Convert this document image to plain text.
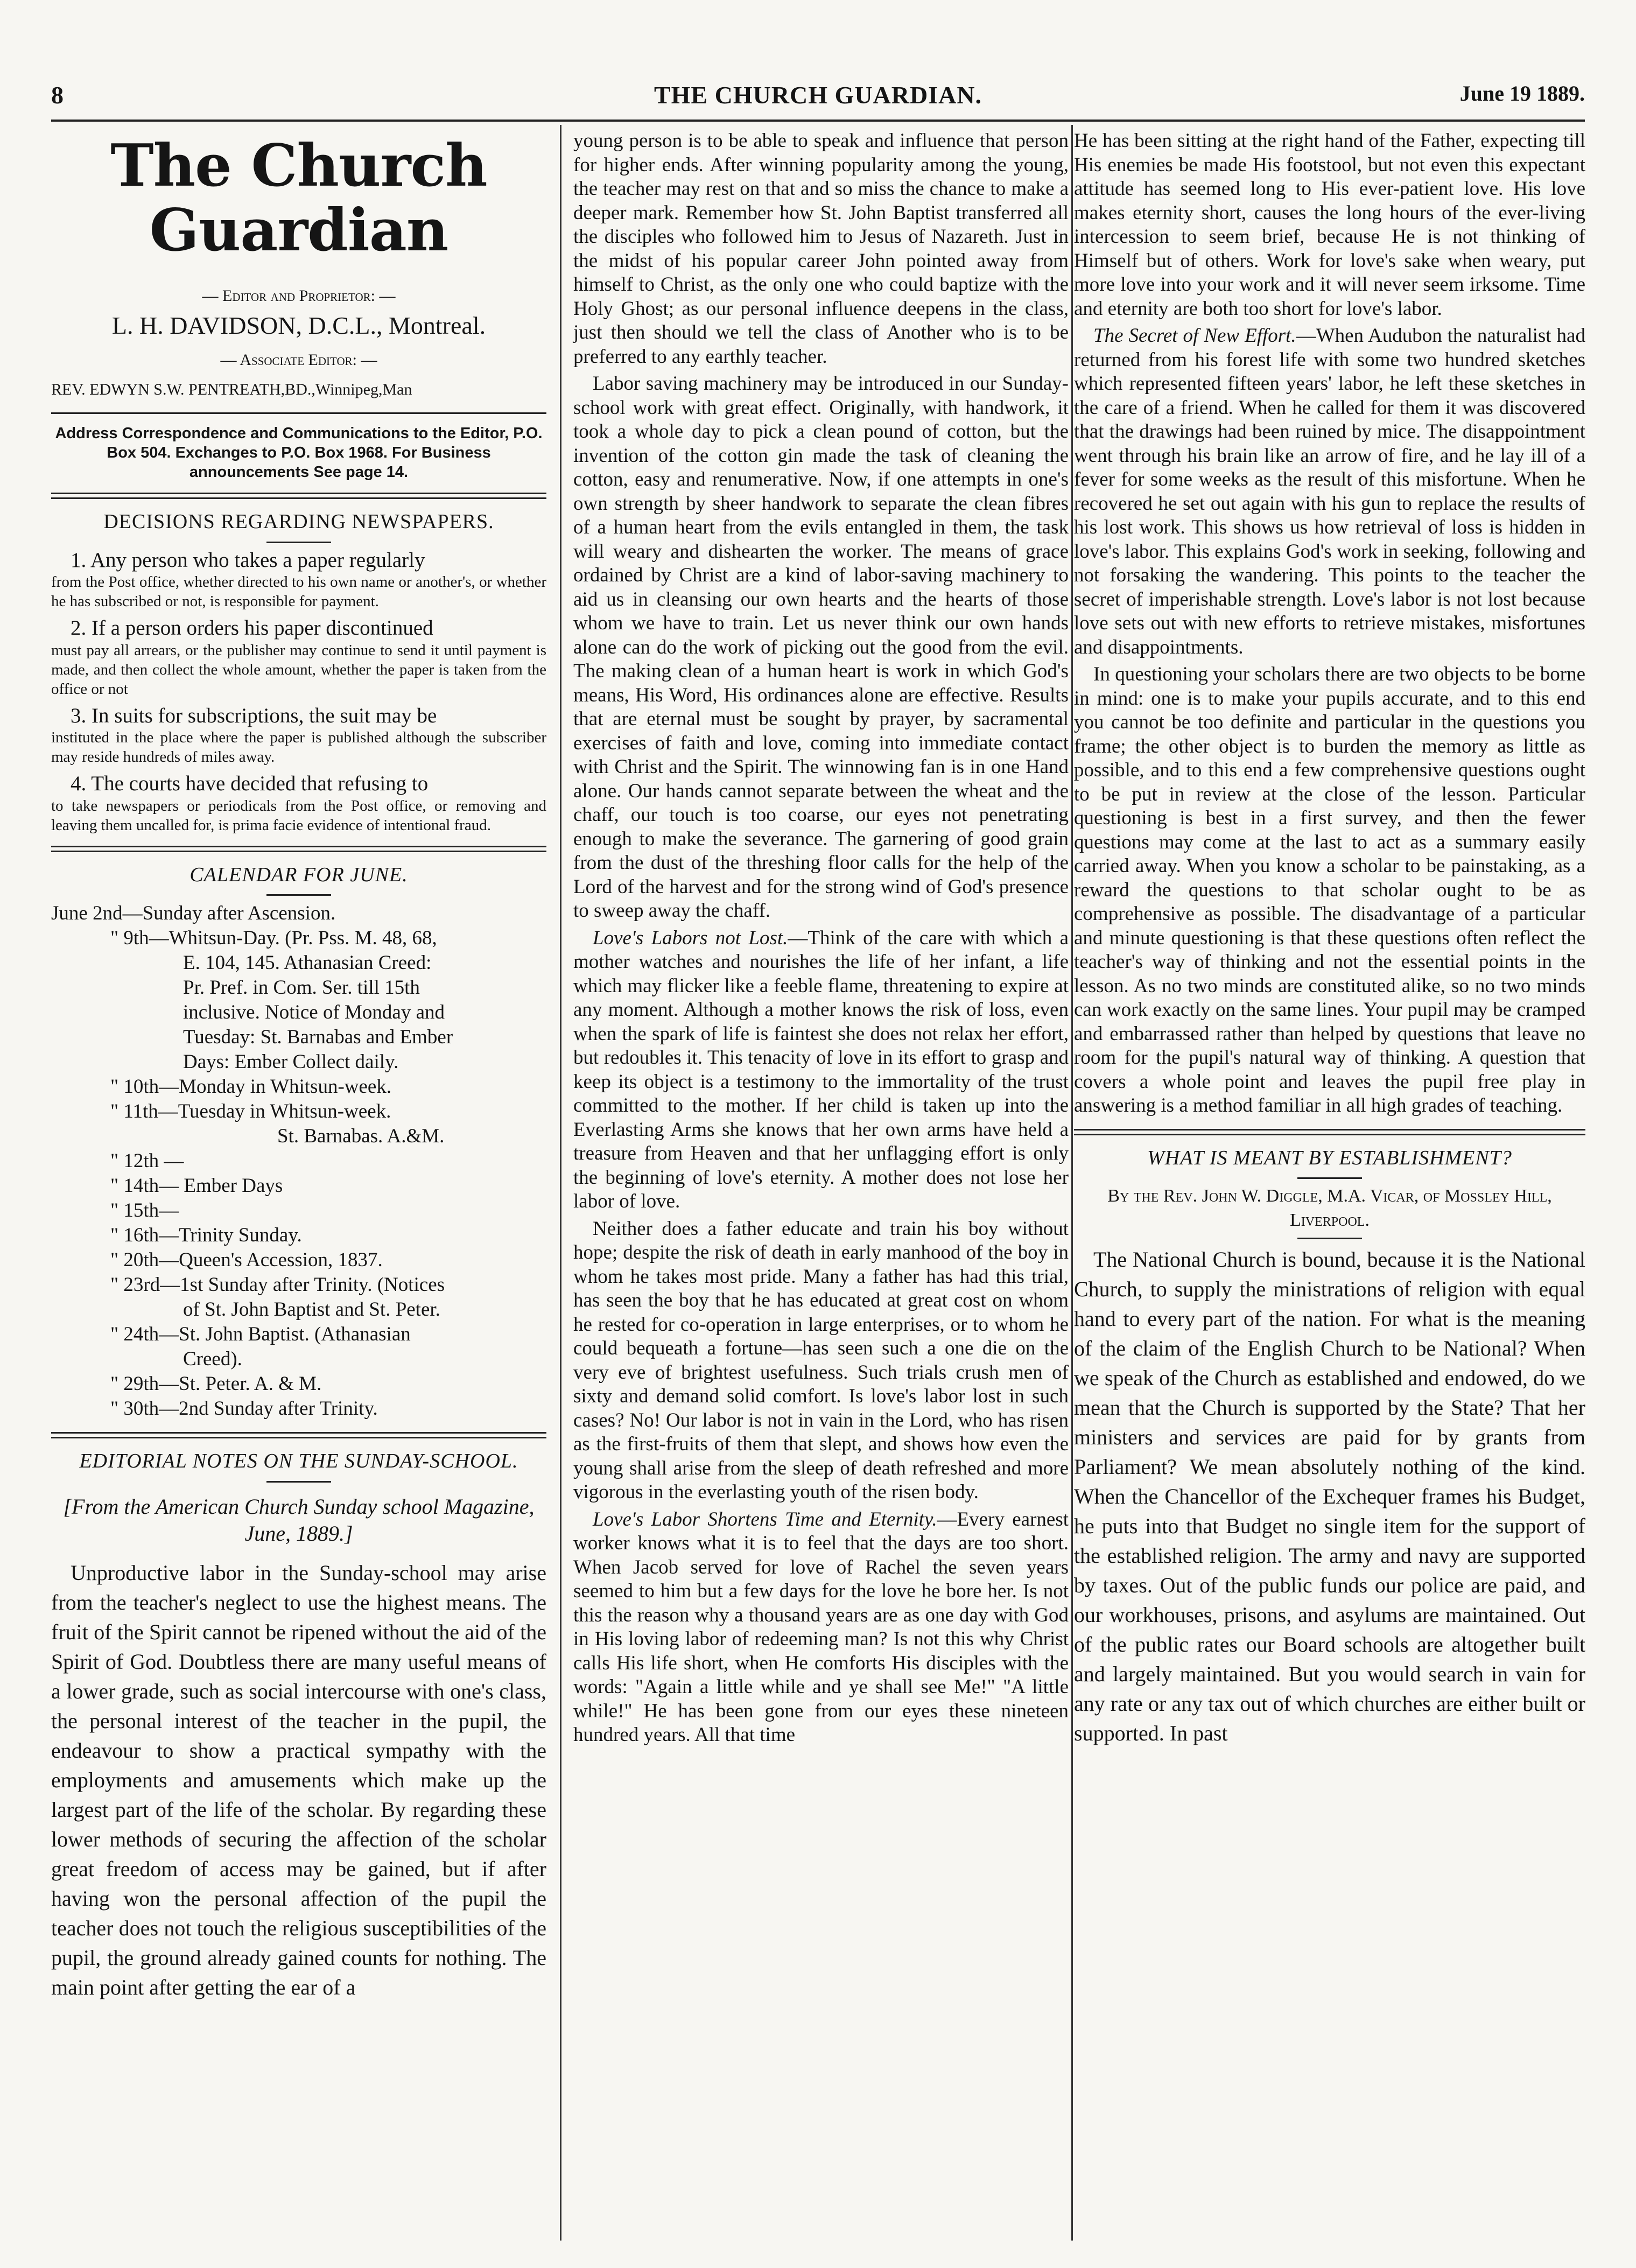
8	THE CHURCH GUARDIAN.	June 19 1889.
The Church Guardian
— Editor and Proprietor: —
L. H. DAVIDSON, D.C.L., Montreal.
— Associate Editor: —
REV. EDWYN S.W. PENTREATH,BD.,Winnipeg,Man
Address Correspondence and Communications to the Editor, P.O. Box 504. Exchanges to P.O. Box 1968. For Business announcements See page 14.
DECISIONS REGARDING NEWSPAPERS.

1. Any person who takes a paper regularly

from the Post office, whether directed to his own name or another's, or whether he has subscribed or not, is responsible for payment.

2. If a person orders his paper discontinued

must pay all arrears, or the publisher may continue to send it until payment is made, and then collect the whole amount, whether the paper is taken from the office or not

3. In suits for subscriptions, the suit may be

instituted in the place where the paper is published although the subscriber may reside hundreds of miles away.

4. The courts have decided that refusing to

to take newspapers or periodicals from the Post office, or removing and leaving them uncalled for, is prima facie evidence of intentional fraud.

CALENDAR FOR JUNE.

June 2nd—Sunday after Ascension.

" 9th—Whitsun-Day. (Pr. Pss. M. 48, 68,

E. 104, 145. Athanasian Creed:

Pr. Pref. in Com. Ser. till 15th

inclusive. Notice of Monday and

Tuesday: St. Barnabas and Ember

Days: Ember Collect daily.

" 10th—Monday in Whitsun-week.

" 11th—Tuesday in Whitsun-week.

St. Barnabas. A.&M.

" 12th —

" 14th— Ember Days

" 15th—

" 16th—Trinity Sunday.

" 20th—Queen's Accession, 1837.

" 23rd—1st Sunday after Trinity. (Notices

of St. John Baptist and St. Peter.

" 24th—St. John Baptist. (Athanasian

Creed).

" 29th—St. Peter. A. & M.

" 30th—2nd Sunday after Trinity.

EDITORIAL NOTES ON THE SUNDAY-SCHOOL.

[From the American Church Sunday school Magazine, June, 1889.]

Unproductive labor in the Sunday-school may arise from the teacher's neglect to use the highest means. The fruit of the Spirit cannot be ripened without the aid of the Spirit of God. Doubtless there are many useful means of a lower grade, such as social intercourse with one's class, the personal interest of the teacher in the pupil, the endeavour to show a practical sympathy with the employments and amusements which make up the largest part of the life of the scholar. By regarding these lower methods of securing the affection of the scholar great freedom of access may be gained, but if after having won the personal affection of the pupil the teacher does not touch the religious susceptibilities of the pupil, the ground already gained counts for nothing. The main point after getting the ear of a

young person is to be able to speak and influence that person for higher ends. After winning popularity among the young, the teacher may rest on that and so miss the chance to make a deeper mark. Remember how St. John Baptist transferred all the disciples who followed him to Jesus of Nazareth. Just in the midst of his popular career John pointed away from himself to Christ, as the only one who could baptize with the Holy Ghost; as our personal influence deepens in the class, just then should we tell the class of Another who is to be preferred to any earthly teacher.

Labor saving machinery may be introduced in our Sunday-school work with great effect. Originally, with handwork, it took a whole day to pick a clean pound of cotton, but the invention of the cotton gin made the task of cleaning the cotton, easy and renumerative. Now, if one attempts in one's own strength by sheer handwork to separate the clean fibres of a human heart from the evils entangled in them, the task will weary and dishearten the worker. The means of grace ordained by Christ are a kind of labor-saving machinery to aid us in cleansing our own hearts and the hearts of those whom we have to train. Let us never think our own hands alone can do the work of picking out the good from the evil. The making clean of a human heart is work in which God's means, His Word, His ordinances alone are effective. Results that are eternal must be sought by prayer, by sacramental exercises of faith and love, coming into immediate contact with Christ and the Spirit. The winnowing fan is in one Hand alone. Our hands cannot separate between the wheat and the chaff, our touch is too coarse, our eyes not penetrating enough to make the severance. The garnering of good grain from the dust of the threshing floor calls for the help of the Lord of the harvest and for the strong wind of God's presence to sweep away the chaff.

Love's Labors not Lost.—Think of the care with which a mother watches and nourishes the life of her infant, a life which may flicker like a feeble flame, threatening to expire at any moment. Although a mother knows the risk of loss, even when the spark of life is faintest she does not relax her effort, but redoubles it. This tenacity of love in its effort to grasp and keep its object is a testimony to the immortality of the trust committed to the mother. If her child is taken up into the Everlasting Arms she knows that her own arms have held a treasure from Heaven and that her unflagging effort is only the beginning of love's eternity. A mother does not lose her labor of love.

Neither does a father educate and train his boy without hope; despite the risk of death in early manhood of the boy in whom he takes most pride. Many a father has had this trial, has seen the boy that he has educated at great cost on whom he rested for co-operation in large enterprises, or to whom he could bequeath a fortune—has seen such a one die on the very eve of brightest usefulness. Such trials crush men of sixty and demand solid comfort. Is love's labor lost in such cases? No! Our labor is not in vain in the Lord, who has risen as the first-fruits of them that slept, and shows how even the young shall arise from the sleep of death refreshed and more vigorous in the everlasting youth of the risen body.

Love's Labor Shortens Time and Eternity.—Every earnest worker knows what it is to feel that the days are too short. When Jacob served for love of Rachel the seven years seemed to him but a few days for the love he bore her. Is not this the reason why a thousand years are as one day with God in His loving labor of redeeming man? Is not this why Christ calls His life short, when He comforts His disciples with the words: "Again a little while and ye shall see Me!" "A little while!" He has been gone from our eyes these nineteen hundred years. All that time

He has been sitting at the right hand of the Father, expecting till His enemies be made His footstool, but not even this expectant attitude has seemed long to His ever-patient love. His love makes eternity short, causes the long hours of the ever-living intercession to seem brief, because He is not thinking of Himself but of others. Work for love's sake when weary, put more love into your work and it will never seem irksome. Time and eternity are both too short for love's labor.

The Secret of New Effort.—When Audubon the naturalist had returned from his forest life with some two hundred sketches which represented fifteen years' labor, he left these sketches in the care of a friend. When he called for them it was discovered that the drawings had been ruined by mice. The disappointment went through his brain like an arrow of fire, and he lay ill of a fever for some weeks as the result of this misfortune. When he recovered he set out again with his gun to replace the results of his lost work. This shows us how retrieval of loss is hidden in love's labor. This explains God's work in seeking, following and not forsaking the wandering. This points to the teacher the secret of imperishable strength. Love's labor is not lost because love sets out with new efforts to retrieve mistakes, misfortunes and disappointments.

In questioning your scholars there are two objects to be borne in mind: one is to make your pupils accurate, and to this end you cannot be too definite and particular in the questions you frame; the other object is to burden the memory as little as possible, and to this end a few comprehensive questions ought to be put in review at the close of the lesson. Particular questioning is best in a first survey, and then the fewer questions may come at the last to act as a summary easily carried away. When you know a scholar to be painstaking, as a reward the questions to that scholar ought to be as comprehensive as possible. The disadvantage of a particular and minute questioning is that these questions often reflect the teacher's way of thinking and not the essential points in the lesson. As no two minds are constituted alike, so no two minds can work exactly on the same lines. Your pupil may be cramped and embarrassed rather than helped by questions that leave no room for the pupil's natural way of thinking. A question that covers a whole point and leaves the pupil free play in answering is a method familiar in all high grades of teaching.

WHAT IS MEANT BY ESTABLISHMENT?

By the Rev. John W. Diggle, M.A. Vicar, of Mossley Hill, Liverpool.

The National Church is bound, because it is the National Church, to supply the ministrations of religion with equal hand to every part of the nation. For what is the meaning of the claim of the English Church to be National? When we speak of the Church as established and endowed, do we mean that the Church is supported by the State? That her ministers and services are paid for by grants from Parliament? We mean absolutely nothing of the kind. When the Chancellor of the Exchequer frames his Budget, he puts into that Budget no single item for the support of the established religion. The army and navy are supported by taxes. Out of the public funds our police are paid, and our workhouses, prisons, and asylums are maintained. Out of the public rates our Board schools are altogether built and largely maintained. But you would search in vain for any rate or any tax out of which churches are either built or supported. In past
